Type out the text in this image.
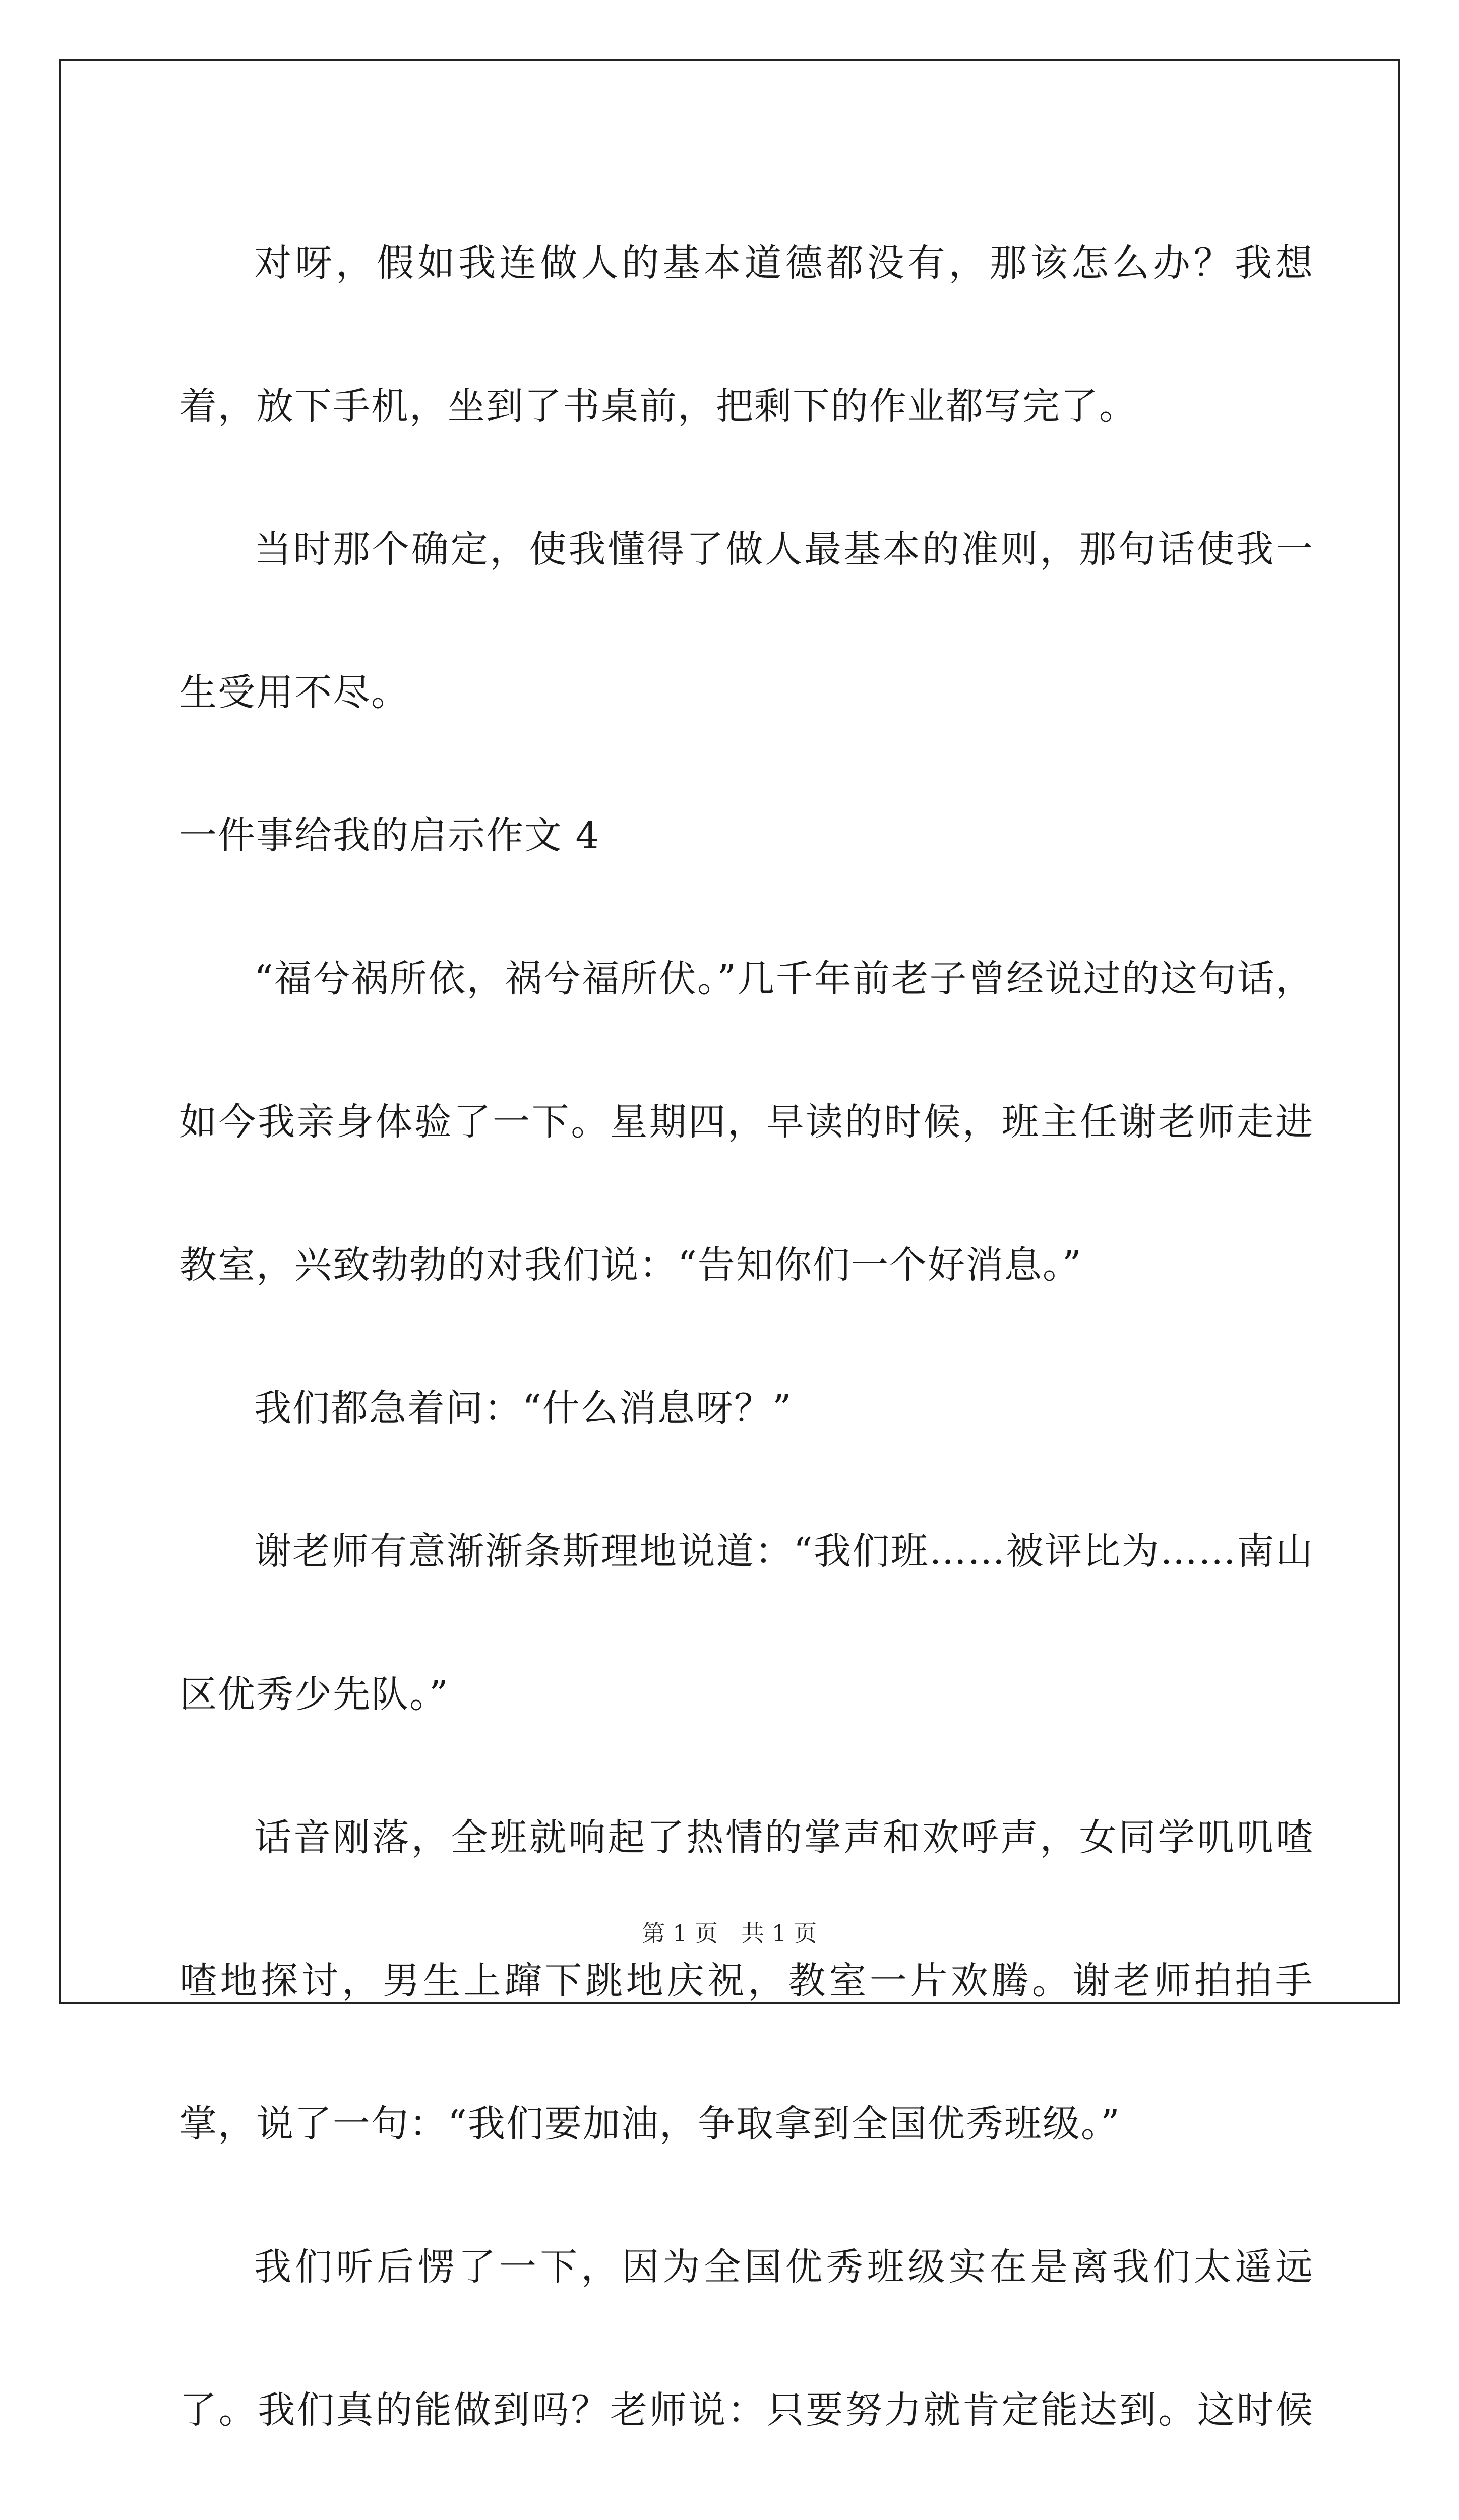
对呀，假如我连做人的基本道德都没有，那该怎么办？我想着，放下手机，坐到了书桌前，把剩下的作业都写完了。

当时那个确定，使我懂得了做人最基本的准则，那句话使我一生受用不尽。

一件事给我的启示作文 4

“福兮祸所依，祸兮福所伏。”几千年前老子曾经说过的这句话，如今我亲身体验了一下。星期四，早读的时候，班主任谢老师走进教室，兴致勃勃的对我们说：“告知你们一个好消息。”

我们都急着问：“什么消息呀？”

谢老师有意渐渐条斯理地说道：“我们班……被评比为……南山区优秀少先队。”

话音刚落，全班就响起了热情的掌声和欢呼声，女同学叽叽喳喳地探讨，男生上蹿下跳地庆祝，教室一片欢腾。谢老师拍拍手掌，说了一句：“我们要加油，争取拿到全国优秀班级。”

我们听后愣了一下，因为全国优秀班级实在是离我们太遥远了。我们真的能做到吗？老师说：只要努力就肯定能达到。这时候

第 1 页　共 1 页
